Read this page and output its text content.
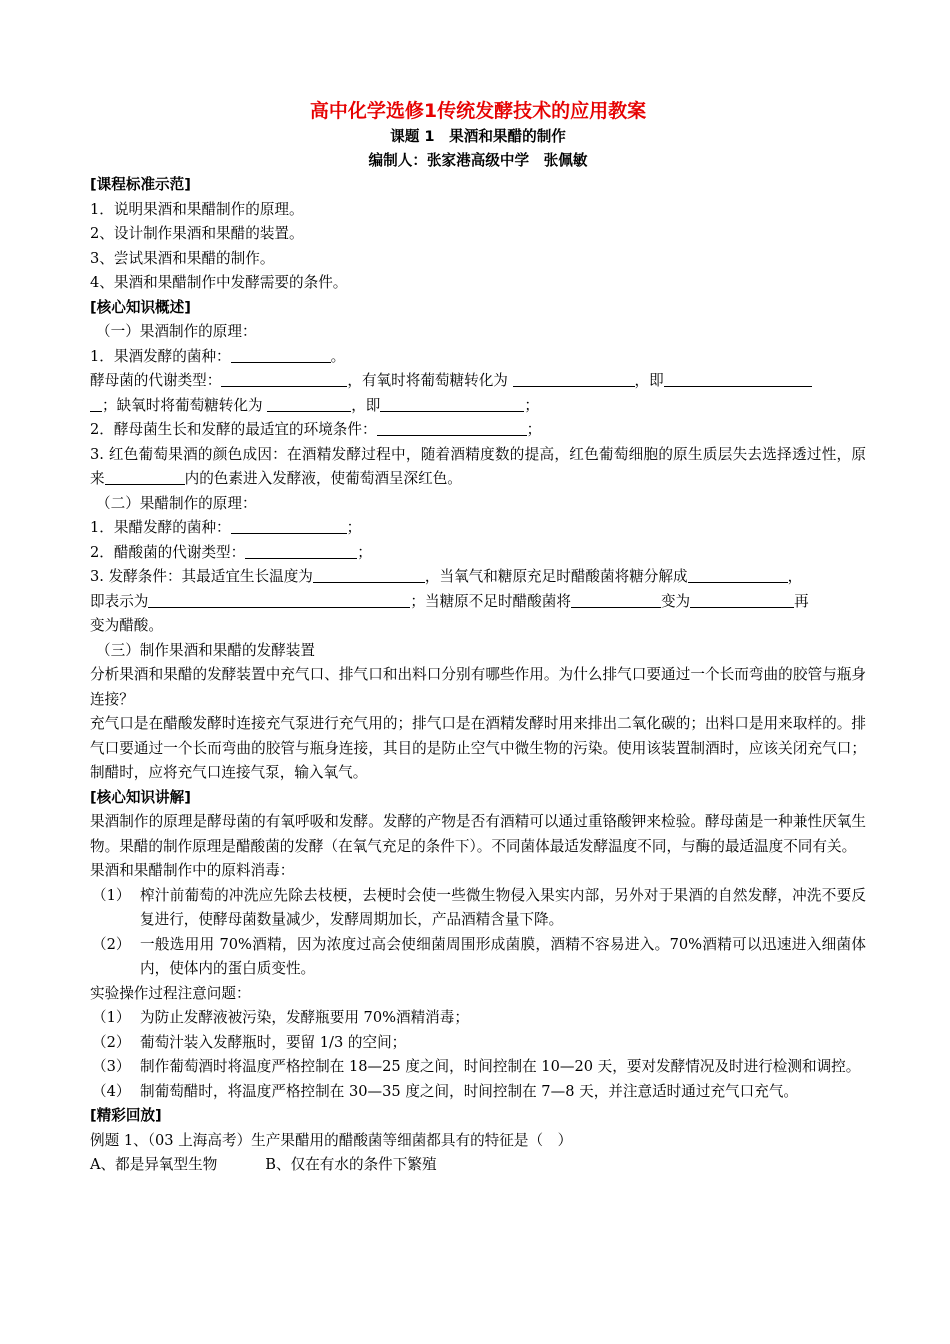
高中化学选修1传统发酵技术的应用教案
课题 1　果酒和果醋的制作
编制人：张家港高级中学　张佩敏
[课程标准示范]
1．说明果酒和果醋制作的原理。
2、设计制作果酒和果醋的装置。
3、尝试果酒和果醋的制作。
4、果酒和果醋制作中发酵需要的条件。
[核心知识概述]
（一）果酒制作的原理：
1．果酒发酵的菌种：	。
酵母菌的代谢类型：	，有氧时将葡萄糖转化为	，即
；缺氧时将葡萄糖转化为	，即	；
2．酵母菌生长和发酵的最适宜的环境条件：	；
3. 红色葡萄果酒的颜色成因：在酒精发酵过程中，随着酒精度数的提高，红色葡萄细胞的原生质层失去选择透过性，原来	内的色素进入发酵液，使葡萄酒呈深红色。
（二）果醋制作的原理：
1．果醋发酵的菌种：	；
2．醋酸菌的代谢类型：	；
3. 发酵条件：其最适宜生长温度为	，当氧气和糖原充足时醋酸菌将糖分解成	，
即表示为	；当糖原不足时醋酸菌将	变为	再
变为醋酸。
（三）制作果酒和果醋的发酵装置
分析果酒和果醋的发酵装置中充气口、排气口和出料口分别有哪些作用。为什么排气口要通过一个长而弯曲的胶管与瓶身连接？
充气口是在醋酸发酵时连接充气泵进行充气用的；排气口是在酒精发酵时用来排出二氧化碳的；出料口是用来取样的。排气口要通过一个长而弯曲的胶管与瓶身连接，其目的是防止空气中微生物的污染。使用该装置制酒时，应该关闭充气口；制醋时，应将充气口连接气泵，输入氧气。
[核心知识讲解]
果酒制作的原理是酵母菌的有氧呼吸和发酵。发酵的产物是否有酒精可以通过重铬酸钾来检验。酵母菌是一种兼性厌氧生物。果醋的制作原理是醋酸菌的发酵（在氧气充足的条件下）。不同菌体最适发酵温度不同，与酶的最适温度不同有关。
果酒和果醋制作中的原料消毒：
（1） 榨汁前葡萄的冲洗应先除去枝梗，去梗时会使一些微生物侵入果实内部，另外对于果酒的自然发酵，冲洗不要反复进行，使酵母菌数量减少，发酵周期加长，产品酒精含量下降。
（2） 一般选用用 70%酒精，因为浓度过高会使细菌周围形成菌膜，酒精不容易进入。70%酒精可以迅速进入细菌体内，使体内的蛋白质变性。
实验操作过程注意问题：
（1） 为防止发酵液被污染，发酵瓶要用 70%酒精消毒；
（2） 葡萄汁装入发酵瓶时，要留 1/3 的空间；
（3） 制作葡萄酒时将温度严格控制在 18—25 度之间，时间控制在 10—20 天，要对发酵情况及时进行检测和调控。
（4） 制葡萄醋时，将温度严格控制在 30—35 度之间，时间控制在 7—8 天，并注意适时通过充气口充气。
[精彩回放]
例题 1、（03 上海高考）生产果醋用的醋酸菌等细菌都具有的特征是（　）
A、都是异氧型生物	B、仅在有水的条件下繁殖
